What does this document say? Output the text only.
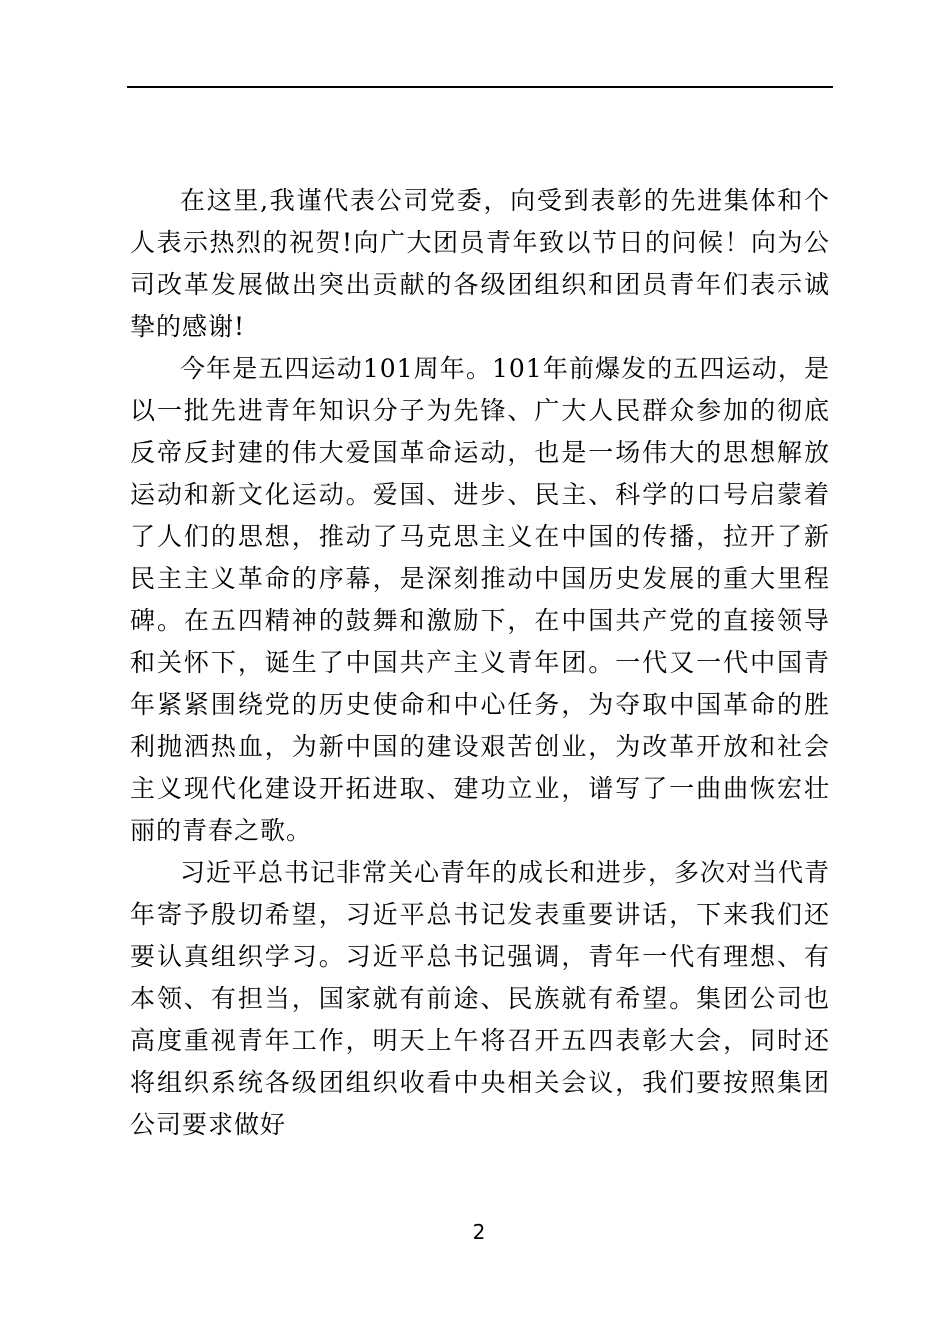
在这里,我谨代表公司党委，向受到表彰的先进集体和个人表示热烈的祝贺!向广大团员青年致以节日的问候！向为公司改革发展做出突出贡献的各级团组织和团员青年们表示诚挚的感谢!

今年是五四运动101周年。101年前爆发的五四运动，是以一批先进青年知识分子为先锋、广大人民群众参加的彻底反帝反封建的伟大爱国革命运动，也是一场伟大的思想解放运动和新文化运动。爱国、进步、民主、科学的口号启蒙着了人们的思想，推动了马克思主义在中国的传播，拉开了新民主主义革命的序幕，是深刻推动中国历史发展的重大里程碑。在五四精神的鼓舞和激励下，在中国共产党的直接领导和关怀下，诞生了中国共产主义青年团。一代又一代中国青年紧紧围绕党的历史使命和中心任务，为夺取中国革命的胜利抛洒热血，为新中国的建设艰苦创业，为改革开放和社会主义现代化建设开拓进取、建功立业，谱写了一曲曲恢宏壮丽的青春之歌。

习近平总书记非常关心青年的成长和进步，多次对当代青年寄予殷切希望，习近平总书记发表重要讲话，下来我们还要认真组织学习。习近平总书记强调，青年一代有理想、有本领、有担当，国家就有前途、民族就有希望。集团公司也高度重视青年工作，明天上午将召开五四表彰大会，同时还将组织系统各级团组织收看中央相关会议，我们要按照集团公司要求做好

2
